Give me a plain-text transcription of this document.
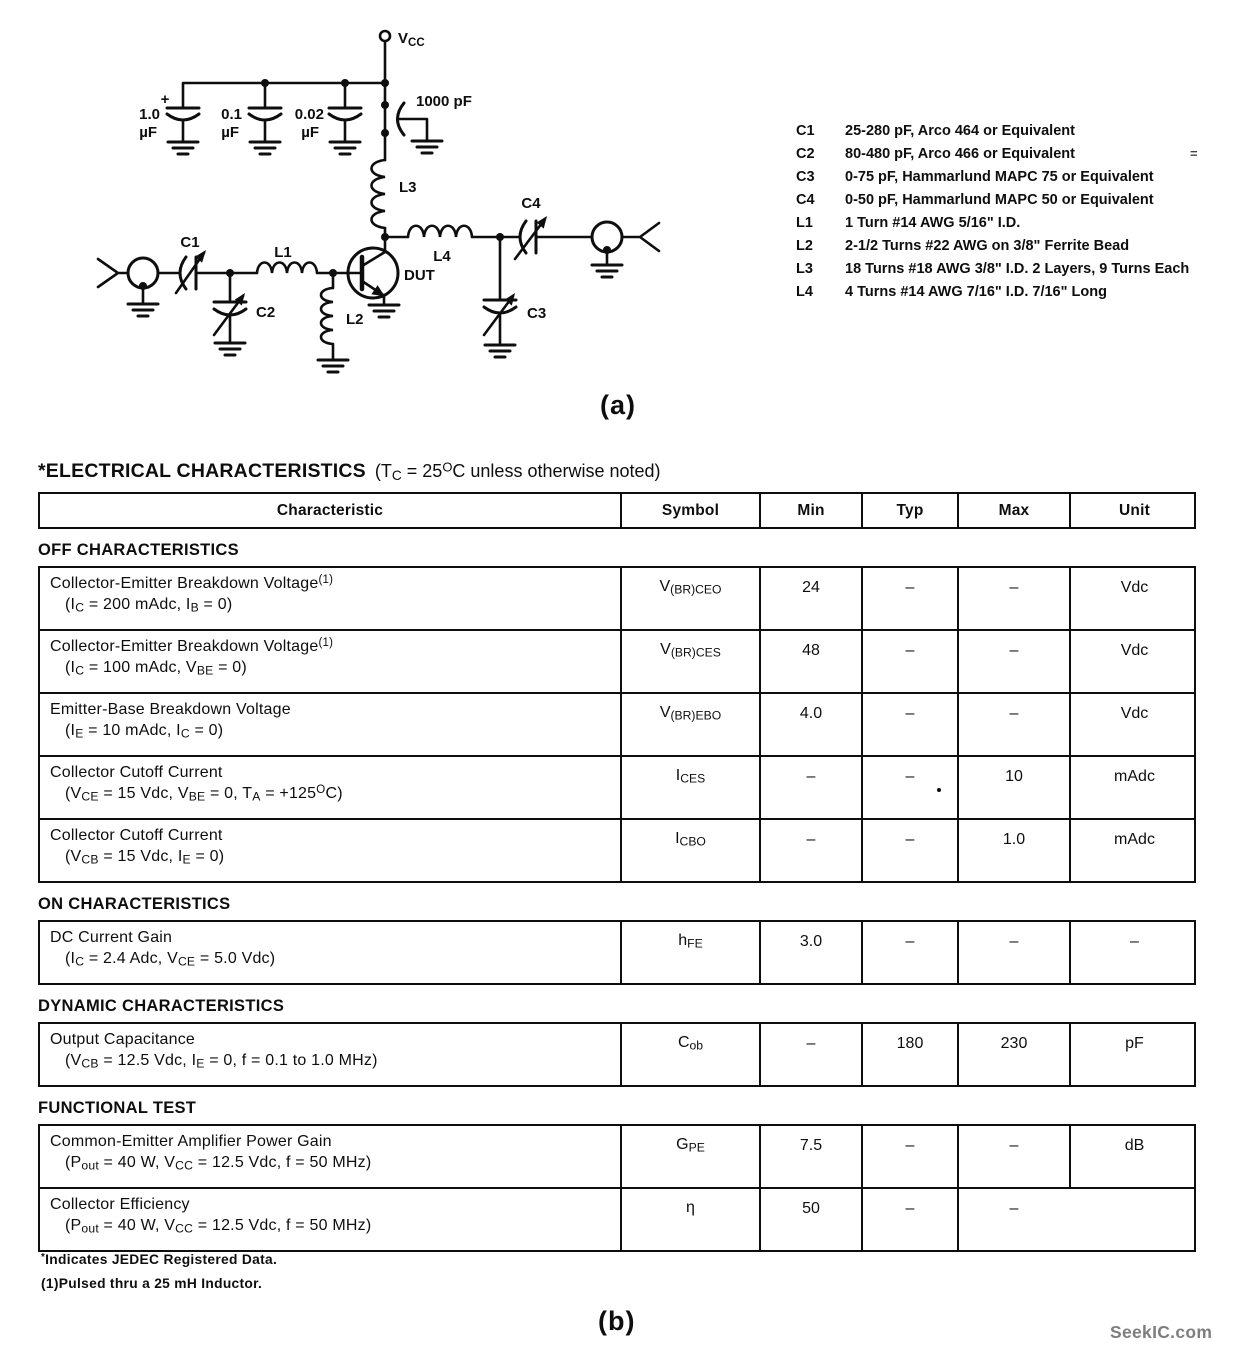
$V_{CC}$
+
1.0
µF
0.1
µF
0.02
µF
1000 pF
L3
C1
L1
C2	L2
DUT
L4
C4
C3
C1	25-280 pF, Arco 464 or Equivalent
C2	80-480 pF, Arco 466 or Equivalent
C3	0-75 pF, Hammarlund MAPC 75 or Equivalent
C4	0-50 pF, Hammarlund MAPC 50 or Equivalent
L1	1 Turn #14 AWG 5/16" I.D.
L2	2-1/2 Turns #22 AWG on 3/8" Ferrite Bead
L3	18 Turns #18 AWG 3/8" I.D. 2 Layers, 9 Turns Each
L4	4 Turns #14 AWG 7/16" I.D. 7/16" Long
=
(a)
*ELECTRICAL CHARACTERISTICS ($T_C = 25^OC$ unless otherwise noted)
Characteristic	Symbol	Min	Typ	Max	Unit
OFF CHARACTERISTICS
Collector-Emitter Breakdown Voltage$^{(1)}$
($I_C = 200$ mAdc, $I_B = 0$)
$V_{(BR)CEO}$	24	–	–	Vdc
Collector-Emitter Breakdown Voltage$^{(1)}$
($I_C = 100$ mAdc, $V_{BE} = 0$)
$V_{(BR)CES}$	48	–	–	Vdc
Emitter-Base Breakdown Voltage
($I_E = 10$ mAdc, $I_C = 0$)
$V_{(BR)EBO}$	4.0	–	–	Vdc
Collector Cutoff Current
($V_{CE} = 15$ Vdc, $V_{BE} = 0$, $T_A = +125^OC$)
$I_{CES}$	–	–	10	mAdc
Collector Cutoff Current
($V_{CB} = 15$ Vdc, $I_E = 0$)
$I_{CBO}$	–	–	1.0	mAdc
ON CHARACTERISTICS
DC Current Gain
($I_C = 2.4$ Adc, $V_{CE} = 5.0$ Vdc)
$h_{FE}$	3.0	–	–	–
DYNAMIC CHARACTERISTICS
Output Capacitance
($V_{CB} = 12.5$ Vdc, $I_E = 0$, f = 0.1 to 1.0 MHz)
$C_{ob}$	–	180	230	pF
FUNCTIONAL TEST
Common-Emitter Amplifier Power Gain
($P_{out} = 40$ W, $V_{CC} = 12.5$ Vdc, f = 50 MHz)
$G_{PE}$	7.5	–	–	dB
Collector Efficiency
($P_{out} = 40$ W, $V_{CC} = 12.5$ Vdc, f = 50 MHz)
η	50	–	–
*Indicates JEDEC Registered Data.
(1)Pulsed thru a 25 mH Inductor.
(b)	SeekIC.com
